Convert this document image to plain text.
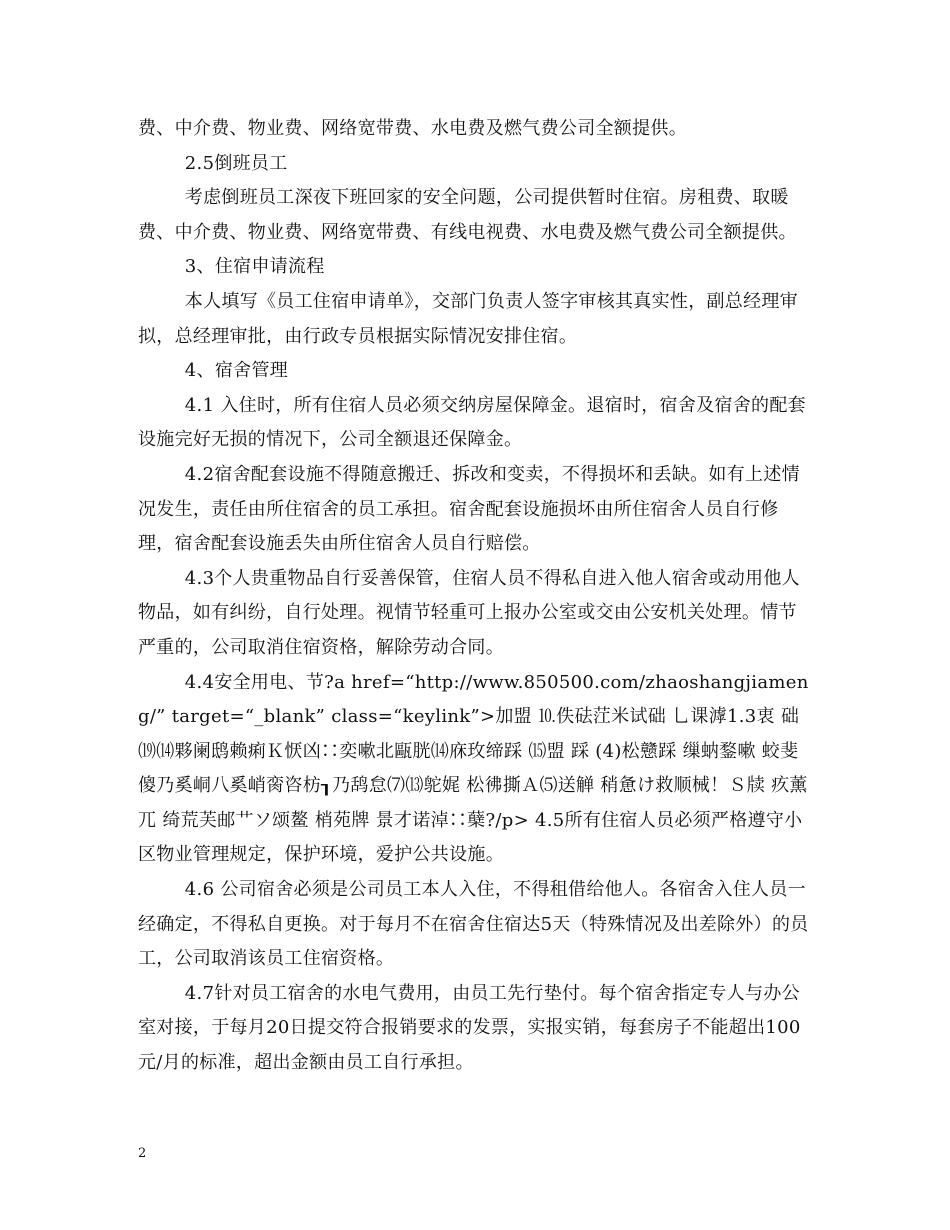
费、中介费、物业费、网络宽带费、水电费及燃气费公司全额提供。

2.5倒班员工

考虑倒班员工深夜下班回家的安全问题，公司提供暂时住宿。房租费、取暖费、中介费、物业费、网络宽带费、有线电视费、水电费及燃气费公司全额提供。

3、住宿申请流程

本人填写《员工住宿申请单》，交部门负责人签字审核其真实性，副总经理审拟，总经理审批，由行政专员根据实际情况安排住宿。

4、宿舍管理

4.1 入住时，所有住宿人员必须交纳房屋保障金。退宿时，宿舍及宿舍的配套设施完好无损的情况下，公司全额退还保障金。

4.2宿舍配套设施不得随意搬迁、拆改和变卖，不得损坏和丢缺。如有上述情况发生，责任由所住宿舍的员工承担。宿舍配套设施损坏由所住宿舍人员自行修理，宿舍配套设施丢失由所住宿舍人员自行赔偿。

4.3个人贵重物品自行妥善保管，住宿人员不得私自进入他人宿舍或动用他人物品，如有纠纷，自行处理。视情节轻重可上报办公室或交由公安机关处理。情节严重的，公司取消住宿资格，解除劳动合同。

4.4安全用电、节?a href=“http://www.850500.com/zhaoshangjiameng/” target=“_blank” class=“keylink”>加盟 ⒑佚砝茳米试础 乚课滹1.3衷 础⒆⒁夥阑鸱赖痢Ｋ恹凶∷奕嗽北甌胱⒁庥玫缔踩 ⒂盟 踩 (4)松戆踩 缫蚋鍪嗽 蛟斐傻乃奚峒八奚峭脔咨枋┒乃鸹怠⑺⒀鸵娓 松彿撕Ａ⑸送觯 稍惫け救顺械！Ｓ牍 疚薰兀 绮荒芙邮艹ソ颂鳌 梢苑牌 景才诺淖∷蘖?/p> 4.5所有住宿人员必须严格遵守小区物业管理规定，保护环境，爱护公共设施。

4.6 公司宿舍必须是公司员工本人入住，不得租借给他人。各宿舍入住人员一经确定，不得私自更换。对于每月不在宿舍住宿达5天（特殊情况及出差除外）的员工，公司取消该员工住宿资格。

4.7针对员工宿舍的水电气费用，由员工先行垫付。每个宿舍指定专人与办公室对接，于每月20日提交符合报销要求的发票，实报实销，每套房子不能超出100元/月的标准，超出金额由员工自行承担。

2
